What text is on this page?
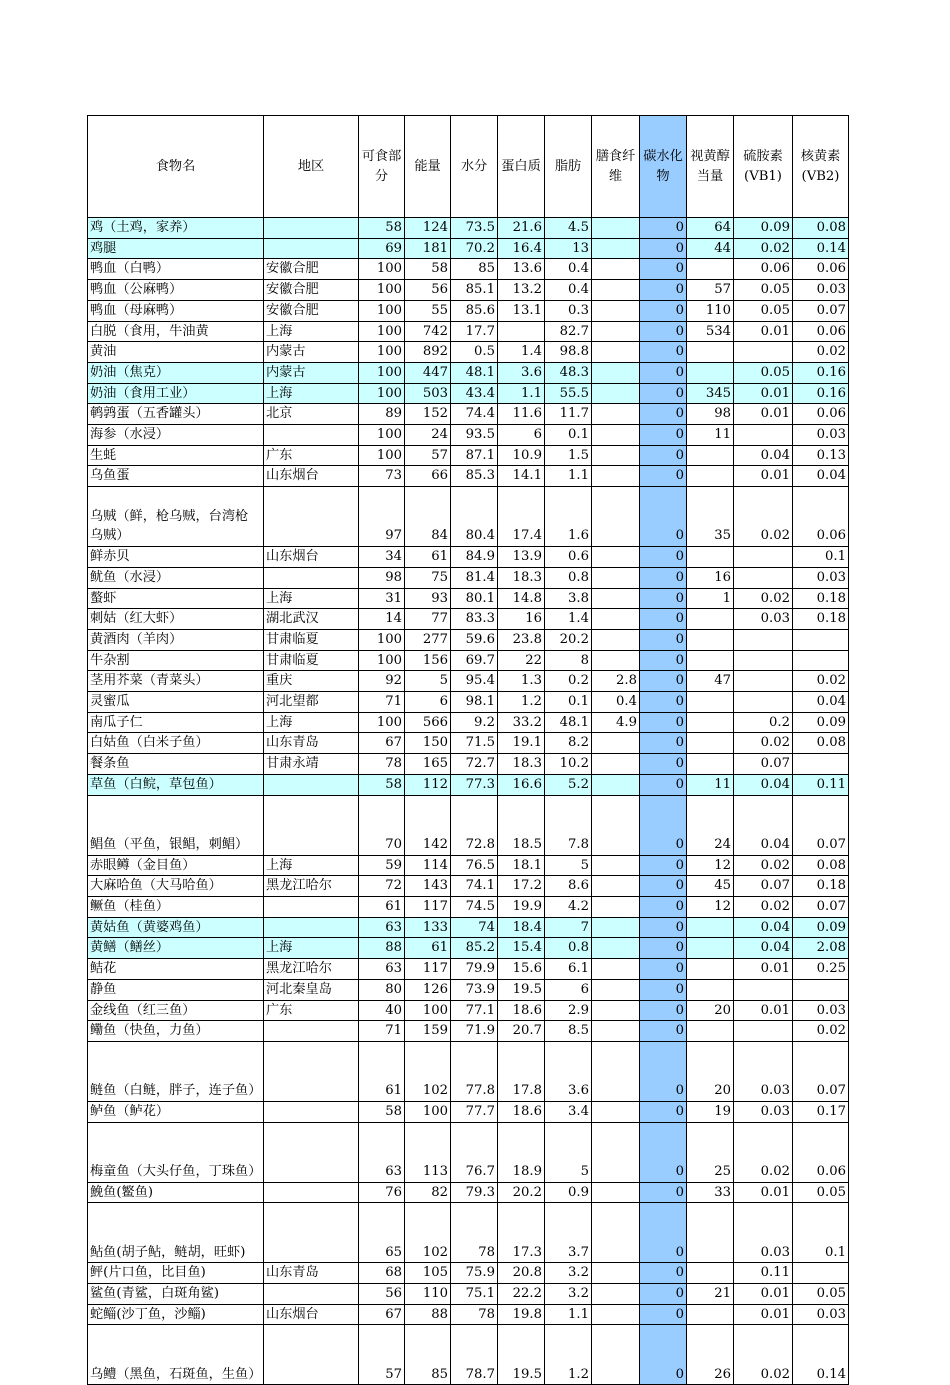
食物名	地区	可食部分	能量	水分	蛋白质	脂肪	膳食纤维	碳水化物	视黄醇当量	硫胺素(VB1)	核黄素(VB2)
鸡（土鸡，家养）		58	124	73.5	21.6	4.5		0	64	0.09	0.08
鸡腿		69	181	70.2	16.4	13		0	44	0.02	0.14
鸭血（白鸭）	安徽合肥	100	58	85	13.6	0.4		0		0.06	0.06
鸭血（公麻鸭）	安徽合肥	100	56	85.1	13.2	0.4		0	57	0.05	0.03
鸭血（母麻鸭）	安徽合肥	100	55	85.6	13.1	0.3		0	110	0.05	0.07
白脱（食用，牛油黄	上海	100	742	17.7		82.7		0	534	0.01	0.06
黄油	内蒙古	100	892	0.5	1.4	98.8		0			0.02
奶油（焦克）	内蒙古	100	447	48.1	3.6	48.3		0		0.05	0.16
奶油（食用工业）	上海	100	503	43.4	1.1	55.5		0	345	0.01	0.16
鹌鹑蛋（五香罐头）	北京	89	152	74.4	11.6	11.7		0	98	0.01	0.06
海参（水浸）		100	24	93.5	6	0.1		0	11		0.03
生蚝	广东	100	57	87.1	10.9	1.5		0		0.04	0.13
乌鱼蛋	山东烟台	73	66	85.3	14.1	1.1		0		0.01	0.04
乌贼（鲜，枪乌贼，台湾枪乌贼）		97	84	80.4	17.4	1.6		0	35	0.02	0.06
鲜赤贝	山东烟台	34	61	84.9	13.9	0.6		0			0.1
鱿鱼（水浸）		98	75	81.4	18.3	0.8		0	16		0.03
螯虾	上海	31	93	80.1	14.8	3.8		0	1	0.02	0.18
刺姑（红大虾）	湖北武汉	14	77	83.3	16	1.4		0		0.03	0.18
黄酒肉（羊肉）	甘肃临夏	100	277	59.6	23.8	20.2		0			
牛杂割	甘肃临夏	100	156	69.7	22	8		0			
茎用芥菜（青菜头）	重庆	92	5	95.4	1.3	0.2	2.8	0	47		0.02
灵蜜瓜	河北望都	71	6	98.1	1.2	0.1	0.4	0			0.04
南瓜子仁	上海	100	566	9.2	33.2	48.1	4.9	0		0.2	0.09
白姑鱼（白米子鱼）	山东青岛	67	150	71.5	19.1	8.2		0		0.02	0.08
餐条鱼	甘肃永靖	78	165	72.7	18.3	10.2		0		0.07	
草鱼（白鲩，草包鱼）		58	112	77.3	16.6	5.2		0	11	0.04	0.11
鲳鱼（平鱼，银鲳，刺鲳）		70	142	72.8	18.5	7.8		0	24	0.04	0.07
赤眼鳟（金目鱼）	上海	59	114	76.5	18.1	5		0	12	0.02	0.08
大麻哈鱼（大马哈鱼）	黑龙江哈尔	72	143	74.1	17.2	8.6		0	45	0.07	0.18
鳜鱼（桂鱼）		61	117	74.5	19.9	4.2		0	12	0.02	0.07
黄姑鱼（黄婆鸡鱼）		63	133	74	18.4	7		0		0.04	0.09
黄鳝（鳝丝）	上海	88	61	85.2	15.4	0.8		0		0.04	2.08
鲒花	黑龙江哈尔	63	117	79.9	15.6	6.1		0		0.01	0.25
静鱼	河北秦皇岛	80	126	73.9	19.5	6		0			
金线鱼（红三鱼）	广东	40	100	77.1	18.6	2.9		0	20	0.01	0.03
鳓鱼（快鱼，力鱼）		71	159	71.9	20.7	8.5		0			0.02
鲢鱼（白鲢，胖子，连子鱼）		61	102	77.8	17.8	3.6		0	20	0.03	0.07
鲈鱼（鲈花）		58	100	77.7	18.6	3.4		0	19	0.03	0.17
梅童鱼（大头仔鱼，丁珠鱼）		63	113	76.7	18.9	5		0	25	0.02	0.06
鮸鱼(鳘鱼)		76	82	79.3	20.2	0.9		0	33	0.01	0.05
鲇鱼(胡子鲇，鲢胡，旺虾)		65	102	78	17.3	3.7		0		0.03	0.1
鲆(片口鱼，比目鱼)	山东青岛	68	105	75.9	20.8	3.2		0		0.11	
鲨鱼(青鲨，白斑角鲨)		56	110	75.1	22.2	3.2		0	21	0.01	0.05
蛇鲻(沙丁鱼，沙鲻)	山东烟台	67	88	78	19.8	1.1		0		0.01	0.03
乌鳢（黑鱼，石斑鱼，生鱼）		57	85	78.7	19.5	1.2		0	26	0.02	0.14
